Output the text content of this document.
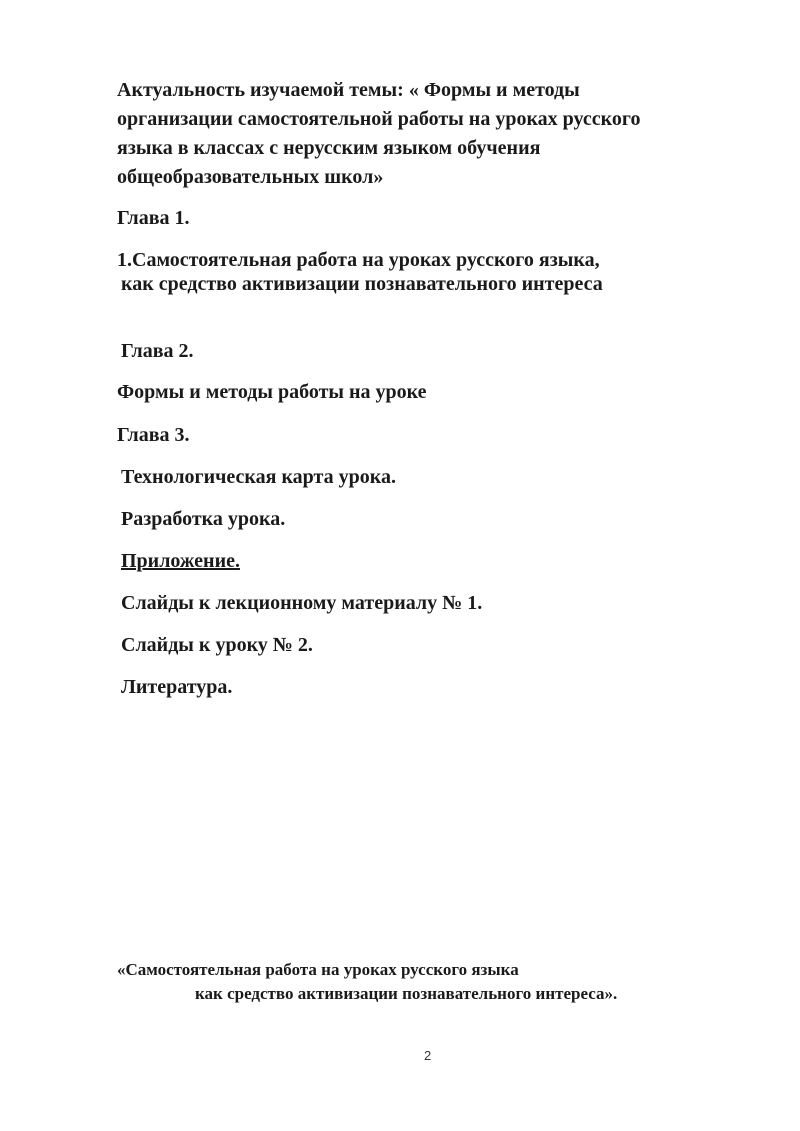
Актуальность изучаемой темы: « Формы и методы
организации самостоятельной работы на уроках русского
языка в классах с нерусским языком обучения
общеобразовательных школ»
Глава 1.
1.Самостоятельная работа на уроках русского языка,
как средство активизации познавательного интереса
Глава 2.
Формы и методы работы на уроке
Глава 3.
Технологическая карта урока.
Разработка урока.
Приложение.
Слайды к лекционному материалу № 1.
Слайды к уроку № 2.
Литература.
«Самостоятельная работа на уроках русского языка
как средство активизации познавательного интереса».
2
